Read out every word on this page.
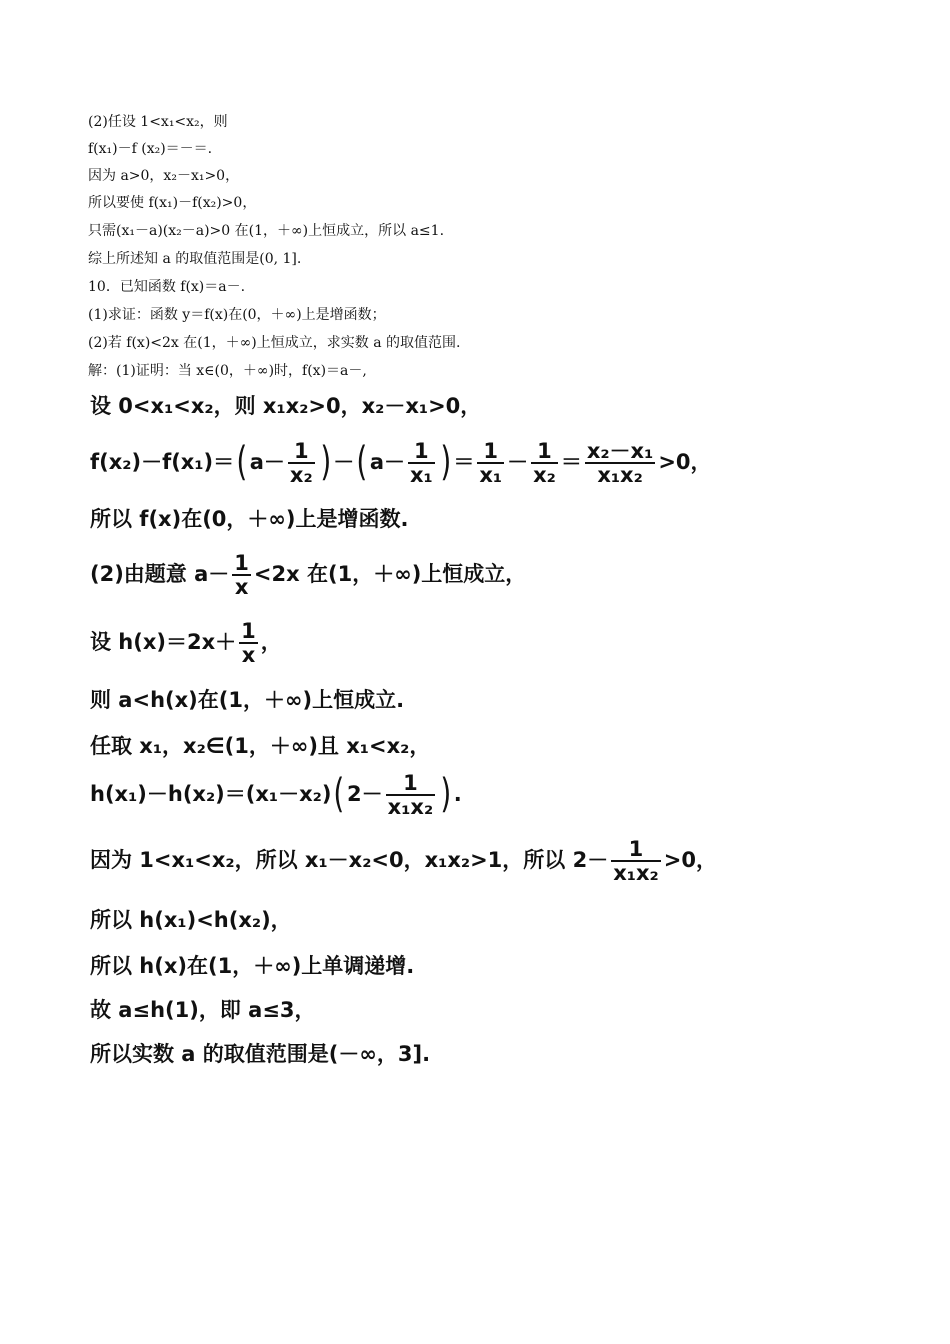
(2)任设 1<x₁<x₂，则
f(x₁)－f (x₂)＝－＝.
因为 a>0，x₂－x₁>0，
所以要使 f(x₁)－f(x₂)>0，
只需(x₁－a)(x₂－a)>0 在(1，＋∞)上恒成立，所以 a≤1.
综上所述知 a 的取值范围是(0, 1].
10．已知函数 f(x)＝a－.
(1)求证：函数 y＝f(x)在(0，＋∞)上是增函数；
(2)若 f(x)<2x 在(1，＋∞)上恒成立，求实数 a 的取值范围.
解：(1)证明：当 x∈(0，＋∞)时，f(x)＝a－,
设 0<x₁<x₂，则 x₁x₂>0，x₂－x₁>0，
f(x₂)－f(x₁)＝( $a- \frac{1}{\text{x₂}}$ ) －( $a- \frac{1}{\text{x₁}}$ ) ＝ $\frac{1}{\text{x₁}} - \frac{1}{\text{x₂}} = \frac{\text{x₂－x₁}}{\text{x₁x₂}} >0$，
所以 f(x)在(0，＋∞)上是增函数.
(2)由题意 $a- \frac{1}{x} <2x$ 在(1，＋∞)上恒成立，
设 $h(x)=2x+ \frac{1}{x}$ ，
则 a<h(x)在(1，＋∞)上恒成立.
任取 x₁，x₂∈(1，＋∞)且 x₁<x₂，
h(x₁)－h(x₂)＝(x₁－x₂)( $2- \frac{1}{\text{x₁x₂}}$ ) .
因为 1<x₁<x₂，所以 x₁－x₂<0，x₁x₂>1，所以 $2- \frac{1}{\text{x₁x₂}} >0$，
所以 h(x₁)<h(x₂)，
所以 h(x)在(1，＋∞)上单调递增.
故 a≤h(1)，即 a≤3，
所以实数 a 的取值范围是(－∞，3].
